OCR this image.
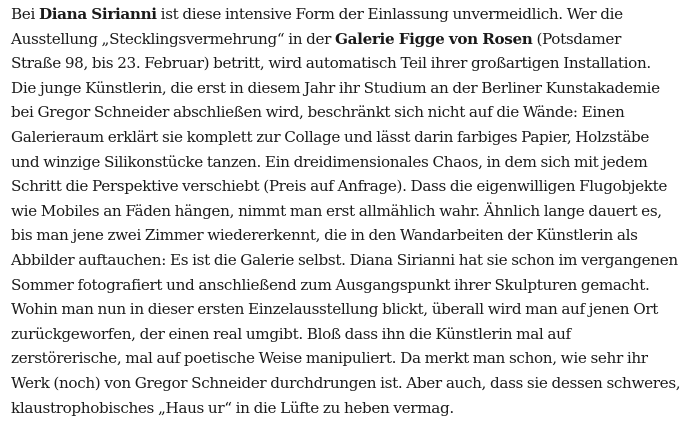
Bei Diana Sirianni ist diese intensive Form der Einlassung unvermeidlich. Wer die
Ausstellung „Stecklingsvermehrung“ in der Galerie Figge von Rosen (Potsdamer
Straße 98, bis 23. Februar) betritt, wird automatisch Teil ihrer großartigen Installation.
Die junge Künstlerin, die erst in diesem Jahr ihr Studium an der Berliner Kunstakademie
bei Gregor Schneider abschließen wird, beschränkt sich nicht auf die Wände: Einen
Galerieraum erklärt sie komplett zur Collage und lässt darin farbiges Papier, Holzstäbe
und winzige Silikonstücke tanzen. Ein dreidimensionales Chaos, in dem sich mit jedem
Schritt die Perspektive verschiebt (Preis auf Anfrage). Dass die eigenwilligen Flugobjekte
wie Mobiles an Fäden hängen, nimmt man erst allmählich wahr. Ähnlich lange dauert es,
bis man jene zwei Zimmer wiedererkennt, die in den Wandarbeiten der Künstlerin als
Abbilder auftauchen: Es ist die Galerie selbst. Diana Sirianni hat sie schon im vergangenen
Sommer fotografiert und anschließend zum Ausgangspunkt ihrer Skulpturen gemacht.
Wohin man nun in dieser ersten Einzelausstellung blickt, überall wird man auf jenen Ort
zurückgeworfen, der einen real umgibt. Bloß dass ihn die Künstlerin mal auf
zerstörerische, mal auf poetische Weise manipuliert. Da merkt man schon, wie sehr ihr
Werk (noch) von Gregor Schneider durchdrungen ist. Aber auch, dass sie dessen schweres,
klaustrophobisches „Haus ur“ in die Lüfte zu heben vermag.
